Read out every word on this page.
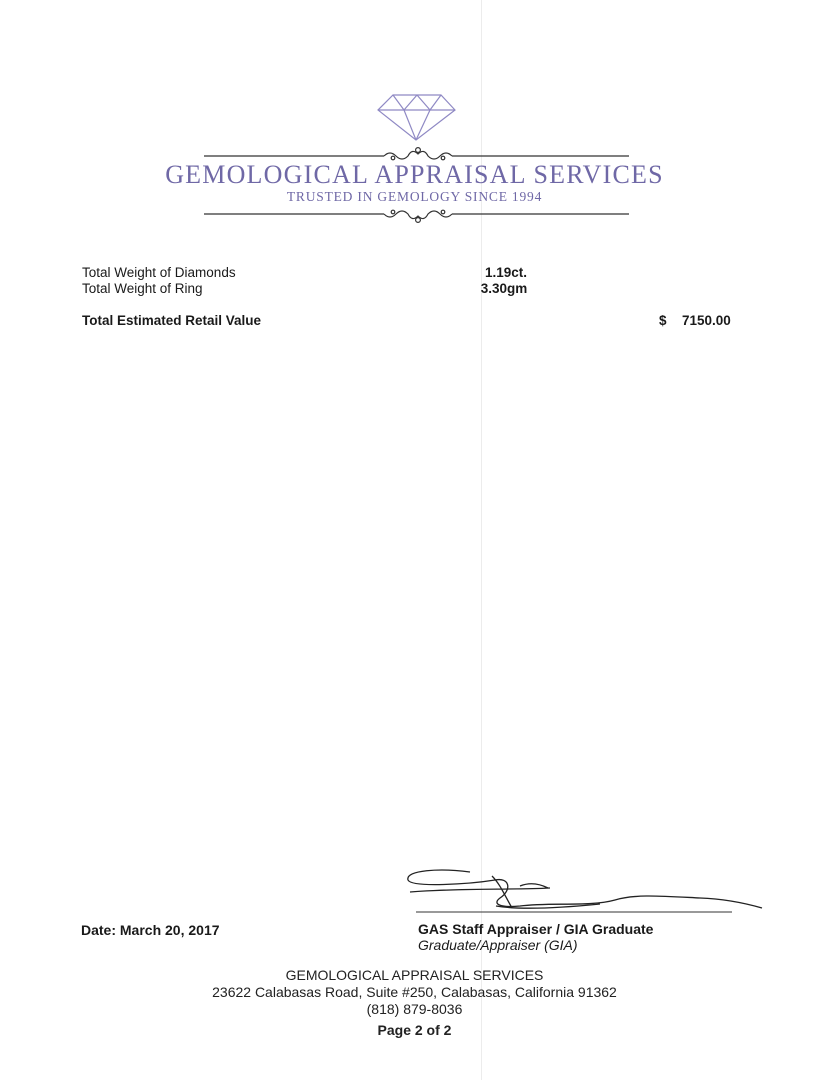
GEMOLOGICAL APPRAISAL SERVICES
TRUSTED IN GEMOLOGY SINCE 1994
Total Weight of Diamonds	1.19ct.
Total Weight of Ring	3.30gm
Total Estimated Retail Value	$ 7150.00
Date: March 20, 2017	GAS Staff Appraiser / GIA Graduate
Graduate/Appraiser (GIA)
GEMOLOGICAL APPRAISAL SERVICES
23622 Calabasas Road, Suite #250, Calabasas, California 91362
(818) 879-8036
Page 2 of 2
